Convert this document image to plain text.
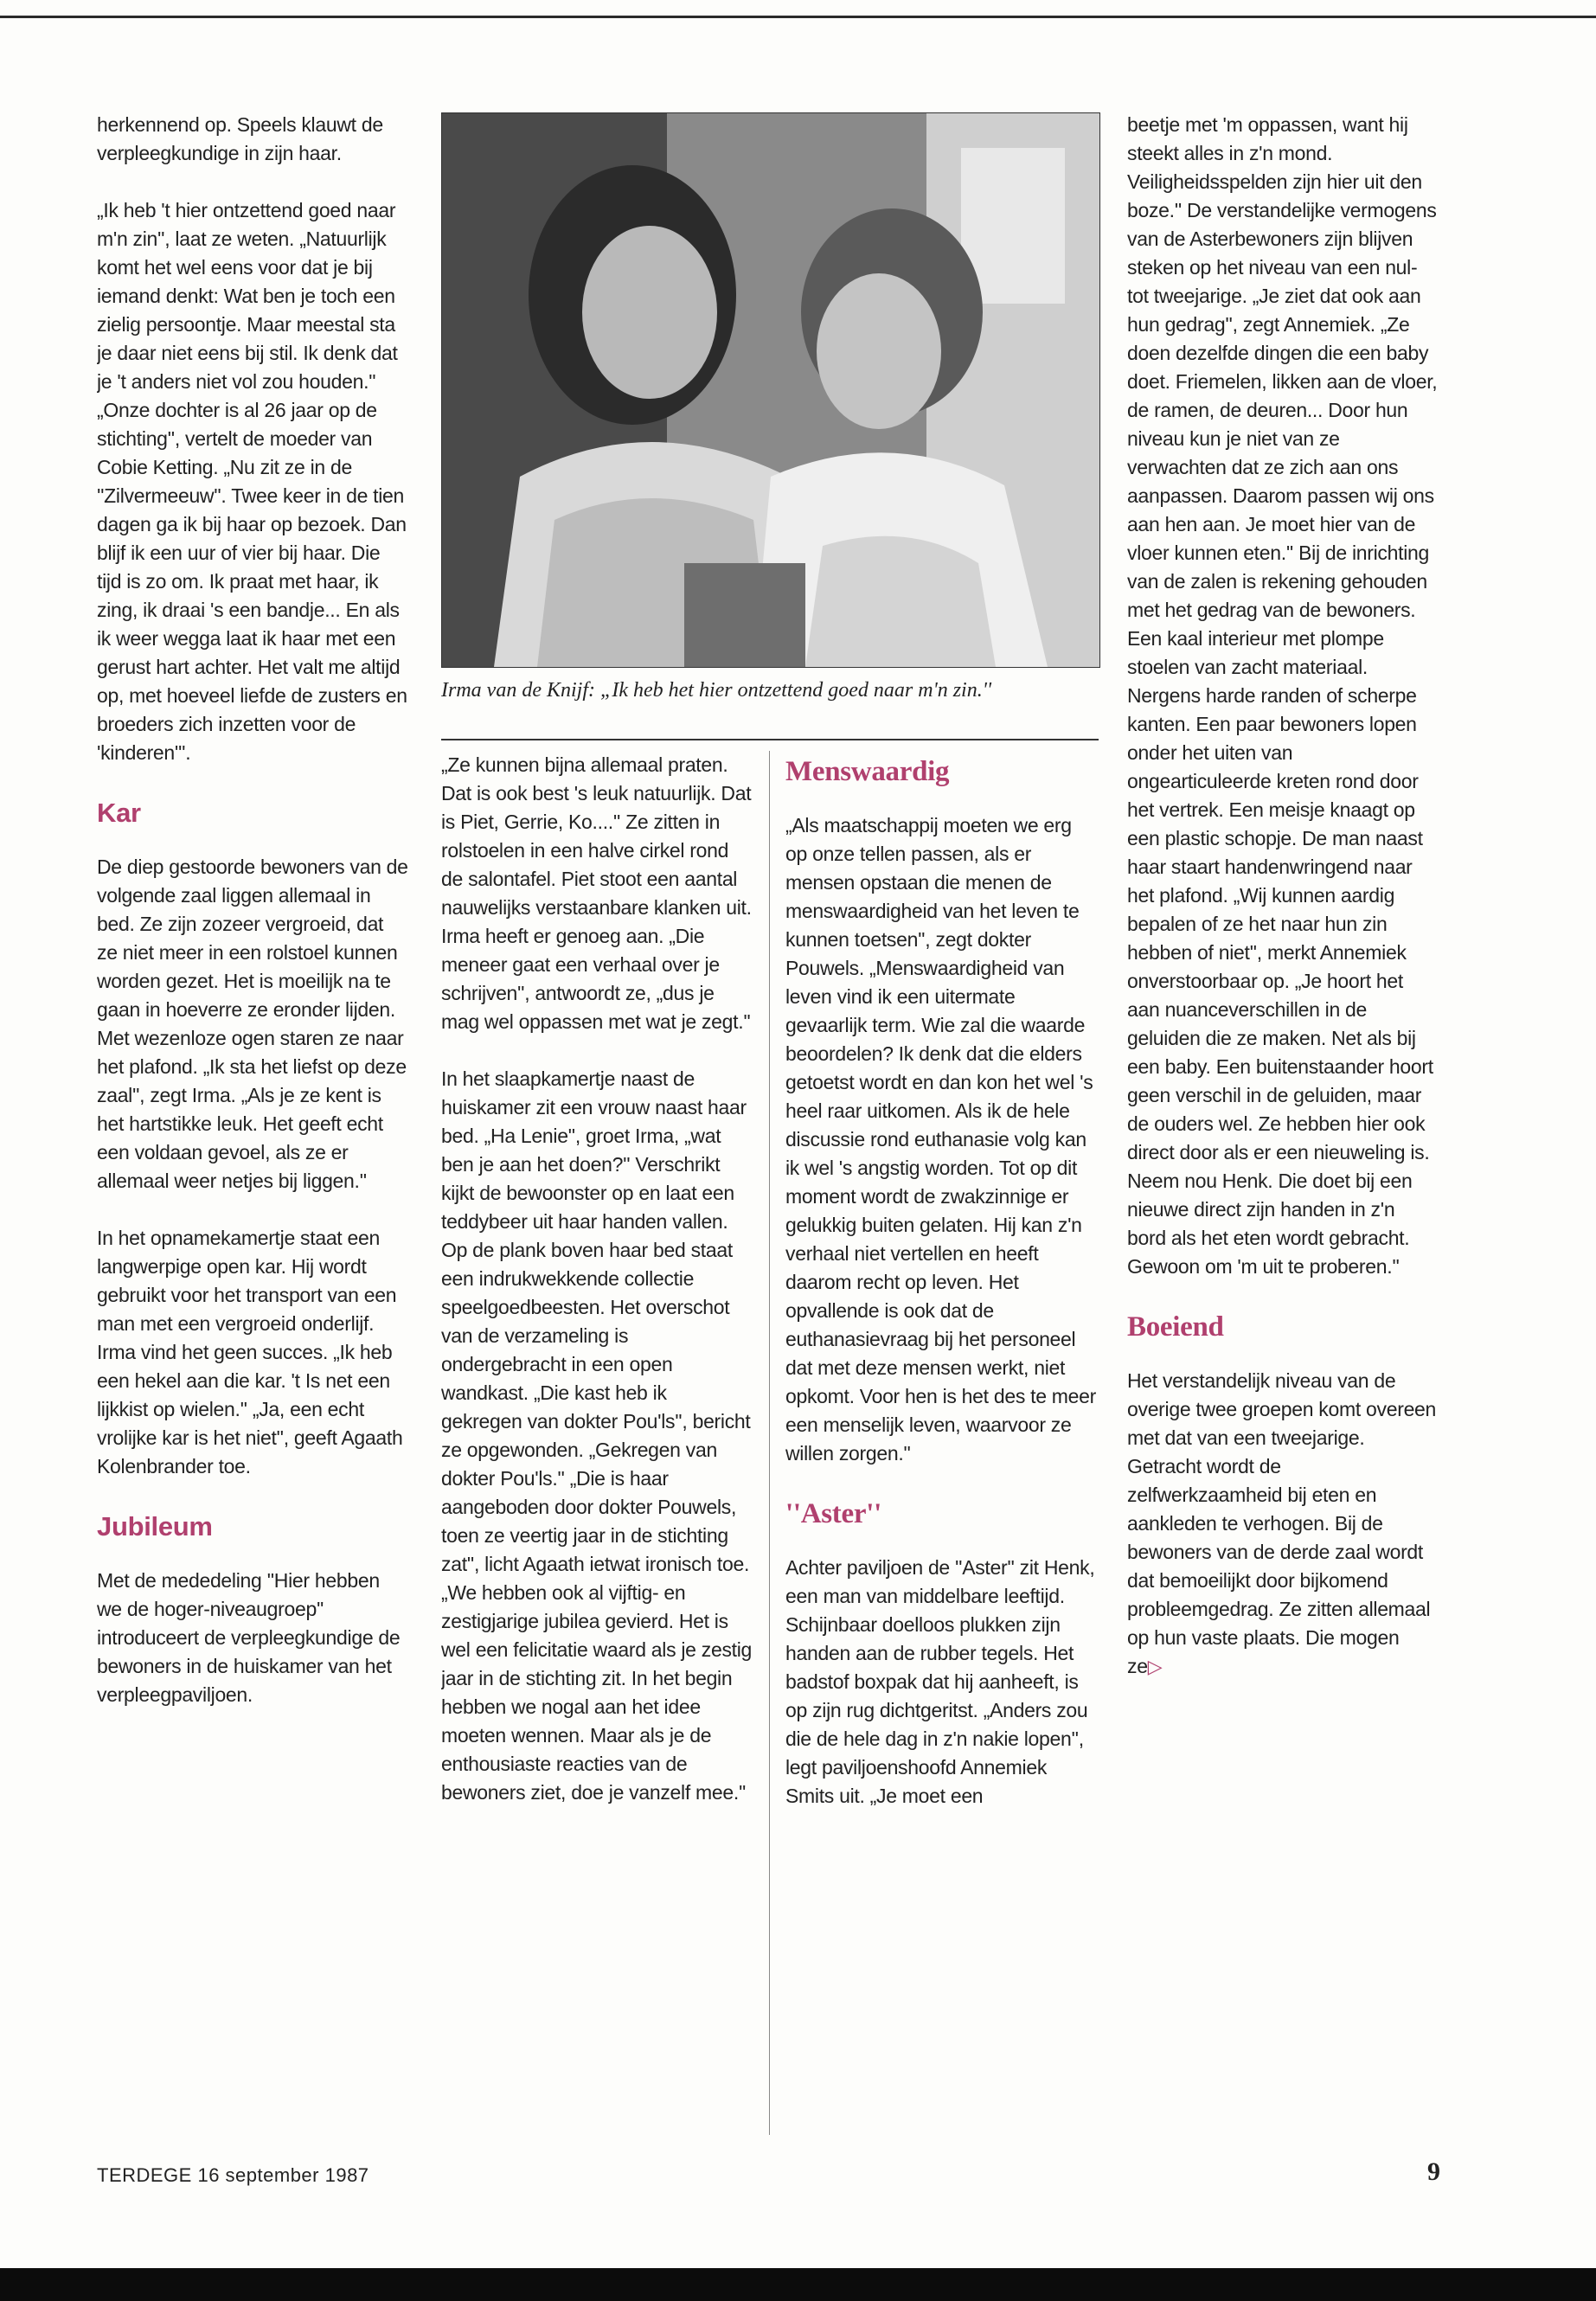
herkennend op. Speels klauwt de verpleegkundige in zijn haar.

„Ik heb 't hier ontzettend goed naar m'n zin'', laat ze weten. „Natuurlijk komt het wel eens voor dat je bij iemand denkt: Wat ben je toch een zielig persoontje. Maar meestal sta je daar niet eens bij stil. Ik denk dat je 't anders niet vol zou houden.''

„Onze dochter is al 26 jaar op de stichting'', vertelt de moeder van Cobie Ketting. „Nu zit ze in de ''Zilvermeeuw''. Twee keer in de tien dagen ga ik bij haar op bezoek. Dan blijf ik een uur of vier bij haar. Die tijd is zo om. Ik praat met haar, ik zing, ik draai 's een bandje... En als ik weer wegga laat ik haar met een gerust hart achter. Het valt me altijd op, met hoeveel liefde de zusters en broeders zich inzetten voor de 'kinderen'''.

Kar

De diep gestoorde bewoners van de volgende zaal liggen allemaal in bed. Ze zijn zozeer vergroeid, dat ze niet meer in een rolstoel kunnen worden gezet. Het is moeilijk na te gaan in hoeverre ze eronder lijden. Met wezenloze ogen staren ze naar het plafond. „Ik sta het liefst op deze zaal'', zegt Irma. „Als je ze kent is het hartstikke leuk. Het geeft echt een voldaan gevoel, als ze er allemaal weer netjes bij liggen.''

In het opnamekamertje staat een langwerpige open kar. Hij wordt gebruikt voor het transport van een man met een vergroeid onderlijf. Irma vind het geen succes. „Ik heb een hekel aan die kar. 't Is net een lijkkist op wielen.'' „Ja, een echt vrolijke kar is het niet'', geeft Agaath Kolenbrander toe.

Jubileum

Met de mededeling ''Hier hebben we de hoger-niveaugroep'' introduceert de verpleegkundige de bewoners in de huiskamer van het verpleegpaviljoen.

Irma van de Knijf: „Ik heb het hier ontzettend goed naar m'n zin.''

„Ze kunnen bijna allemaal praten. Dat is ook best 's leuk natuurlijk. Dat is Piet, Gerrie, Ko....'' Ze zitten in rolstoelen in een halve cirkel rond de salontafel. Piet stoot een aantal nauwelijks verstaanbare klanken uit. Irma heeft er genoeg aan. „Die meneer gaat een verhaal over je schrijven'', antwoordt ze, „dus je mag wel oppassen met wat je zegt.''

In het slaapkamertje naast de huiskamer zit een vrouw naast haar bed. „Ha Lenie'', groet Irma, „wat ben je aan het doen?'' Verschrikt kijkt de bewoonster op en laat een teddybeer uit haar handen vallen. Op de plank boven haar bed staat een indrukwekkende collectie speelgoedbeesten. Het overschot van de verzameling is ondergebracht in een open wandkast. „Die kast heb ik gekregen van dokter Pou'ls'', bericht ze opgewonden. „Gekregen van dokter Pou'ls.'' „Die is haar aangeboden door dokter Pouwels, toen ze veertig jaar in de stichting zat'', licht Agaath ietwat ironisch toe. „We hebben ook al vijftig- en zestigjarige jubilea gevierd. Het is wel een felicitatie waard als je zestig jaar in de stichting zit. In het begin hebben we nogal aan het idee moeten wennen. Maar als je de enthousiaste reacties van de bewoners ziet, doe je vanzelf mee.''

Menswaardig

„Als maatschappij moeten we erg op onze tellen passen, als er mensen opstaan die menen de menswaardigheid van het leven te kunnen toetsen'', zegt dokter Pouwels. „Menswaardigheid van leven vind ik een uitermate gevaarlijk term. Wie zal die waarde beoordelen? Ik denk dat die elders getoetst wordt en dan kon het wel 's heel raar uitkomen. Als ik de hele discussie rond euthanasie volg kan ik wel 's angstig worden. Tot op dit moment wordt de zwakzinnige er gelukkig buiten gelaten. Hij kan z'n verhaal niet vertellen en heeft daarom recht op leven. Het opvallende is ook dat de euthanasievraag bij het personeel dat met deze mensen werkt, niet opkomt. Voor hen is het des te meer een menselijk leven, waarvoor ze willen zorgen.''

''Aster''

Achter paviljoen de ''Aster'' zit Henk, een man van middelbare leeftijd. Schijnbaar doelloos plukken zijn handen aan de rubber tegels. Het badstof boxpak dat hij aanheeft, is op zijn rug dichtgeritst. „Anders zou die de hele dag in z'n nakie lopen'', legt paviljoenshoofd Annemiek Smits uit. „Je moet een

beetje met 'm oppassen, want hij steekt alles in z'n mond. Veiligheidsspelden zijn hier uit den boze.'' De verstandelijke vermogens van de Asterbewoners zijn blijven steken op het niveau van een nul- tot tweejarige. „Je ziet dat ook aan hun gedrag'', zegt Annemiek. „Ze doen dezelfde dingen die een baby doet. Friemelen, likken aan de vloer, de ramen, de deuren... Door hun niveau kun je niet van ze verwachten dat ze zich aan ons aanpassen. Daarom passen wij ons aan hen aan. Je moet hier van de vloer kunnen eten.'' Bij de inrichting van de zalen is rekening gehouden met het gedrag van de bewoners. Een kaal interieur met plompe stoelen van zacht materiaal. Nergens harde randen of scherpe kanten. Een paar bewoners lopen onder het uiten van ongearticuleerde kreten rond door het vertrek. Een meisje knaagt op een plastic schopje. De man naast haar staart handenwringend naar het plafond. „Wij kunnen aardig bepalen of ze het naar hun zin hebben of niet'', merkt Annemiek onverstoorbaar op. „Je hoort het aan nuanceverschillen in de geluiden die ze maken. Net als bij een baby. Een buitenstaander hoort geen verschil in de geluiden, maar de ouders wel. Ze hebben hier ook direct door als er een nieuweling is. Neem nou Henk. Die doet bij een nieuwe direct zijn handen in z'n bord als het eten wordt gebracht. Gewoon om 'm uit te proberen.''

Boeiend

Het verstandelijk niveau van de overige twee groepen komt overeen met dat van een tweejarige. Getracht wordt de zelfwerkzaamheid bij eten en aankleden te verhogen. Bij de bewoners van de derde zaal wordt dat bemoeilijkt door bijkomend probleemgedrag. Ze zitten allemaal op hun vaste plaats. Die mogen ze▷

TERDEGE 16 september 1987	9
